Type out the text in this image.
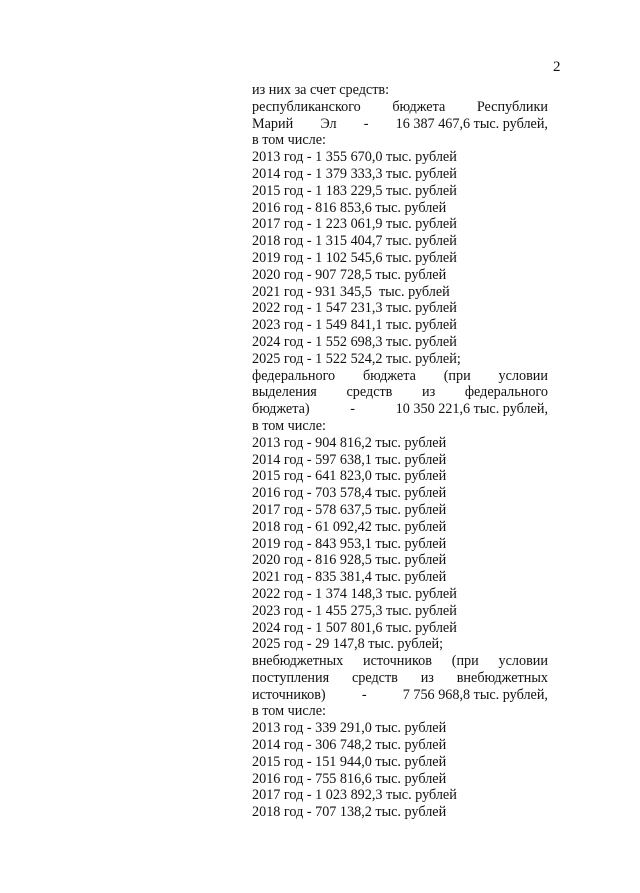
2
из них за счет средств:
республиканского бюджета Республики
Марий Эл - 16 387 467,6 тыс. рублей,
в том числе:
2013 год - 1 355 670,0 тыс. рублей
2014 год - 1 379 333,3 тыс. рублей
2015 год - 1 183 229,5 тыс. рублей
2016 год - 816 853,6 тыс. рублей
2017 год - 1 223 061,9 тыс. рублей
2018 год - 1 315 404,7 тыс. рублей
2019 год - 1 102 545,6 тыс. рублей
2020 год - 907 728,5 тыс. рублей
2021 год - 931 345,5  тыс. рублей
2022 год - 1 547 231,3 тыс. рублей
2023 год - 1 549 841,1 тыс. рублей
2024 год - 1 552 698,3 тыс. рублей
2025 год - 1 522 524,2 тыс. рублей;
федерального бюджета (при условии
выделения средств из федерального
бюджета)	-	10 350 221,6 тыс. рублей,
в том числе:
2013 год - 904 816,2 тыс. рублей
2014 год - 597 638,1 тыс. рублей
2015 год - 641 823,0 тыс. рублей
2016 год - 703 578,4 тыс. рублей
2017 год - 578 637,5 тыс. рублей
2018 год - 61 092,42 тыс. рублей
2019 год - 843 953,1 тыс. рублей
2020 год - 816 928,5 тыс. рублей
2021 год - 835 381,4 тыс. рублей
2022 год - 1 374 148,3 тыс. рублей
2023 год - 1 455 275,3 тыс. рублей
2024 год - 1 507 801,6 тыс. рублей
2025 год - 29 147,8 тыс. рублей;
внебюджетных источников (при условии
поступления средств из внебюджетных
источников)	-	7 756 968,8 тыс. рублей,
в том числе:
2013 год - 339 291,0 тыс. рублей
2014 год - 306 748,2 тыс. рублей
2015 год - 151 944,0 тыс. рублей
2016 год - 755 816,6 тыс. рублей
2017 год - 1 023 892,3 тыс. рублей
2018 год - 707 138,2 тыс. рублей
